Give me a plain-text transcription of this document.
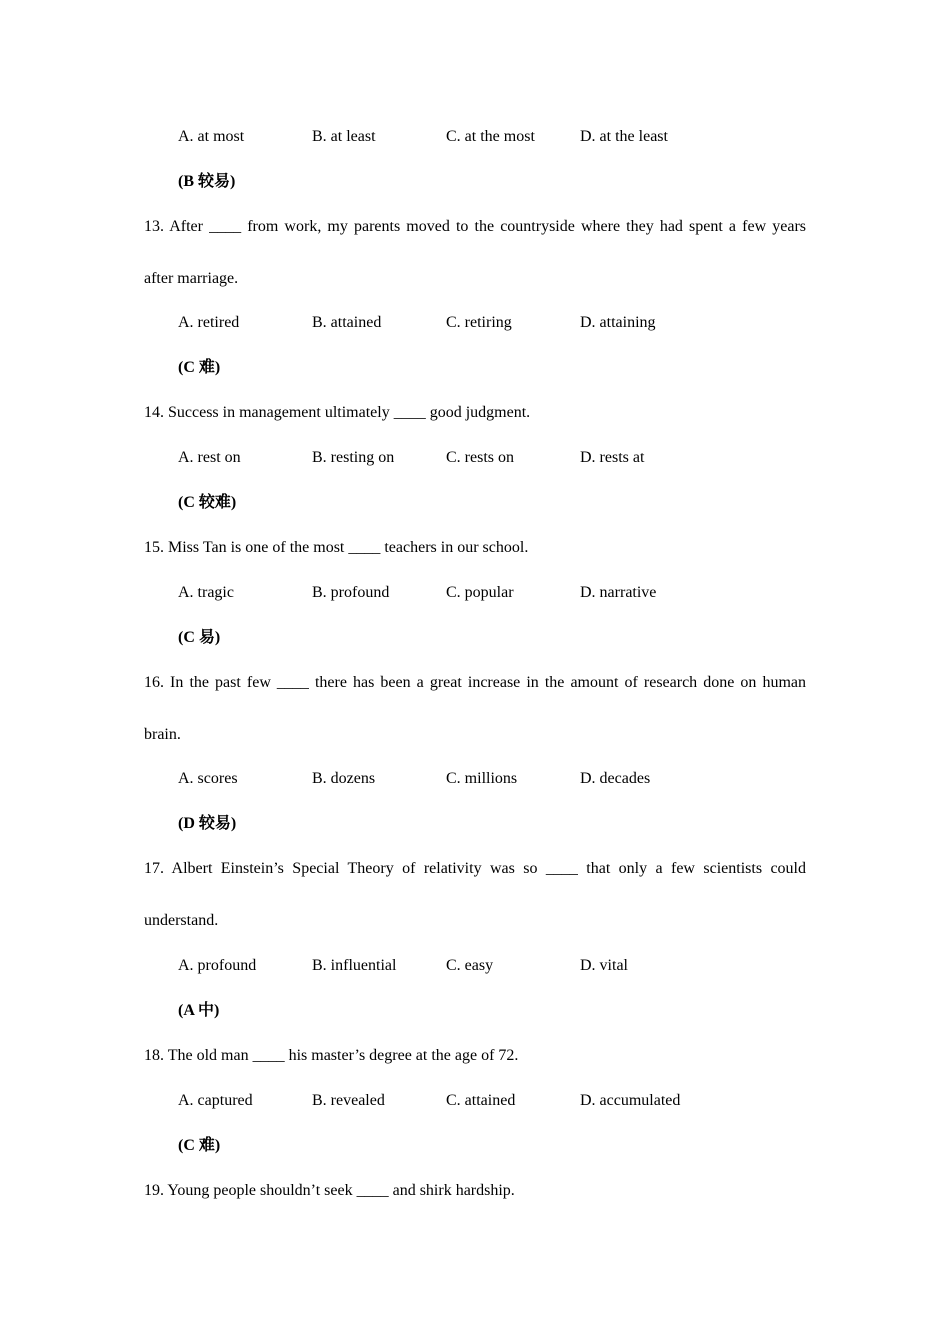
A. at most	B. at least	C. at the most	D. at the least
(B 较易)
13. After ____ from work, my parents moved to the countryside where they had spent a few years
after marriage.
A. retired	B. attained	C. retiring	D. attaining
(C 难)
14. Success in management ultimately ____ good judgment.
A. rest on	B. resting on	C. rests on	D. rests at
(C 较难)
15. Miss Tan is one of the most ____ teachers in our school.
A. tragic	B. profound	C. popular	D. narrative
(C 易)
16. In the past few ____ there has been a great increase in the amount of research done on human
brain.
A. scores	B. dozens	C. millions	D. decades
(D 较易)
17. Albert Einstein’s Special Theory of relativity was so ____ that only a few scientists could
understand.
A. profound	B. influential	C. easy	D. vital
(A 中)
18. The old man ____ his master’s degree at the age of 72.
A. captured	B. revealed	C. attained	D. accumulated
(C 难)
19. Young people shouldn’t seek ____ and shirk hardship.
